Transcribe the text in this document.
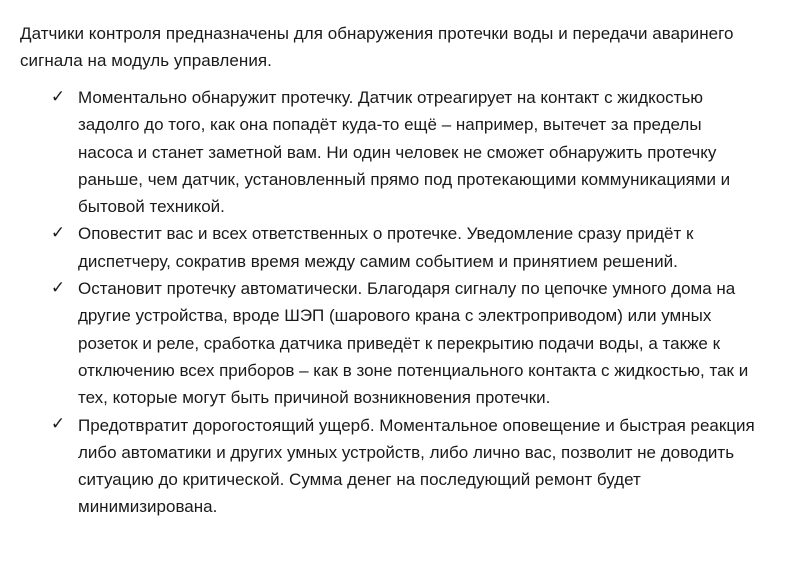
Датчики контроля предназначены для обнаружения протечки воды и передачи аваринего сигнала на модуль управления.

✓ Моментально обнаружит протечку. Датчик отреагирует на контакт с жидкостью задолго до того, как она попадёт куда-то ещё – например, вытечет за пределы насоса и станет заметной вам. Ни один человек не сможет обнаружить протечку раньше, чем датчик, установленный прямо под протекающими коммуникациями и бытовой техникой.
✓ Оповестит вас и всех ответственных о протечке. Уведомление сразу придёт к диспетчеру, сократив время между самим событием и принятием решений.
✓ Остановит протечку автоматически. Благодаря сигналу по цепочке умного дома на другие устройства, вроде ШЭП (шарового крана с электроприводом) или умных розеток и реле, сработка датчика приведёт к перекрытию подачи воды, а также к отключению всех приборов – как в зоне потенциального контакта с жидкостью, так и тех, которые могут быть причиной возникновения протечки.
✓ Предотвратит дорогостоящий ущерб. Моментальное оповещение и быстрая реакция либо автоматики и других умных устройств, либо лично вас, позволит не доводить ситуацию до критической. Сумма денег на последующий ремонт будет минимизирована.
